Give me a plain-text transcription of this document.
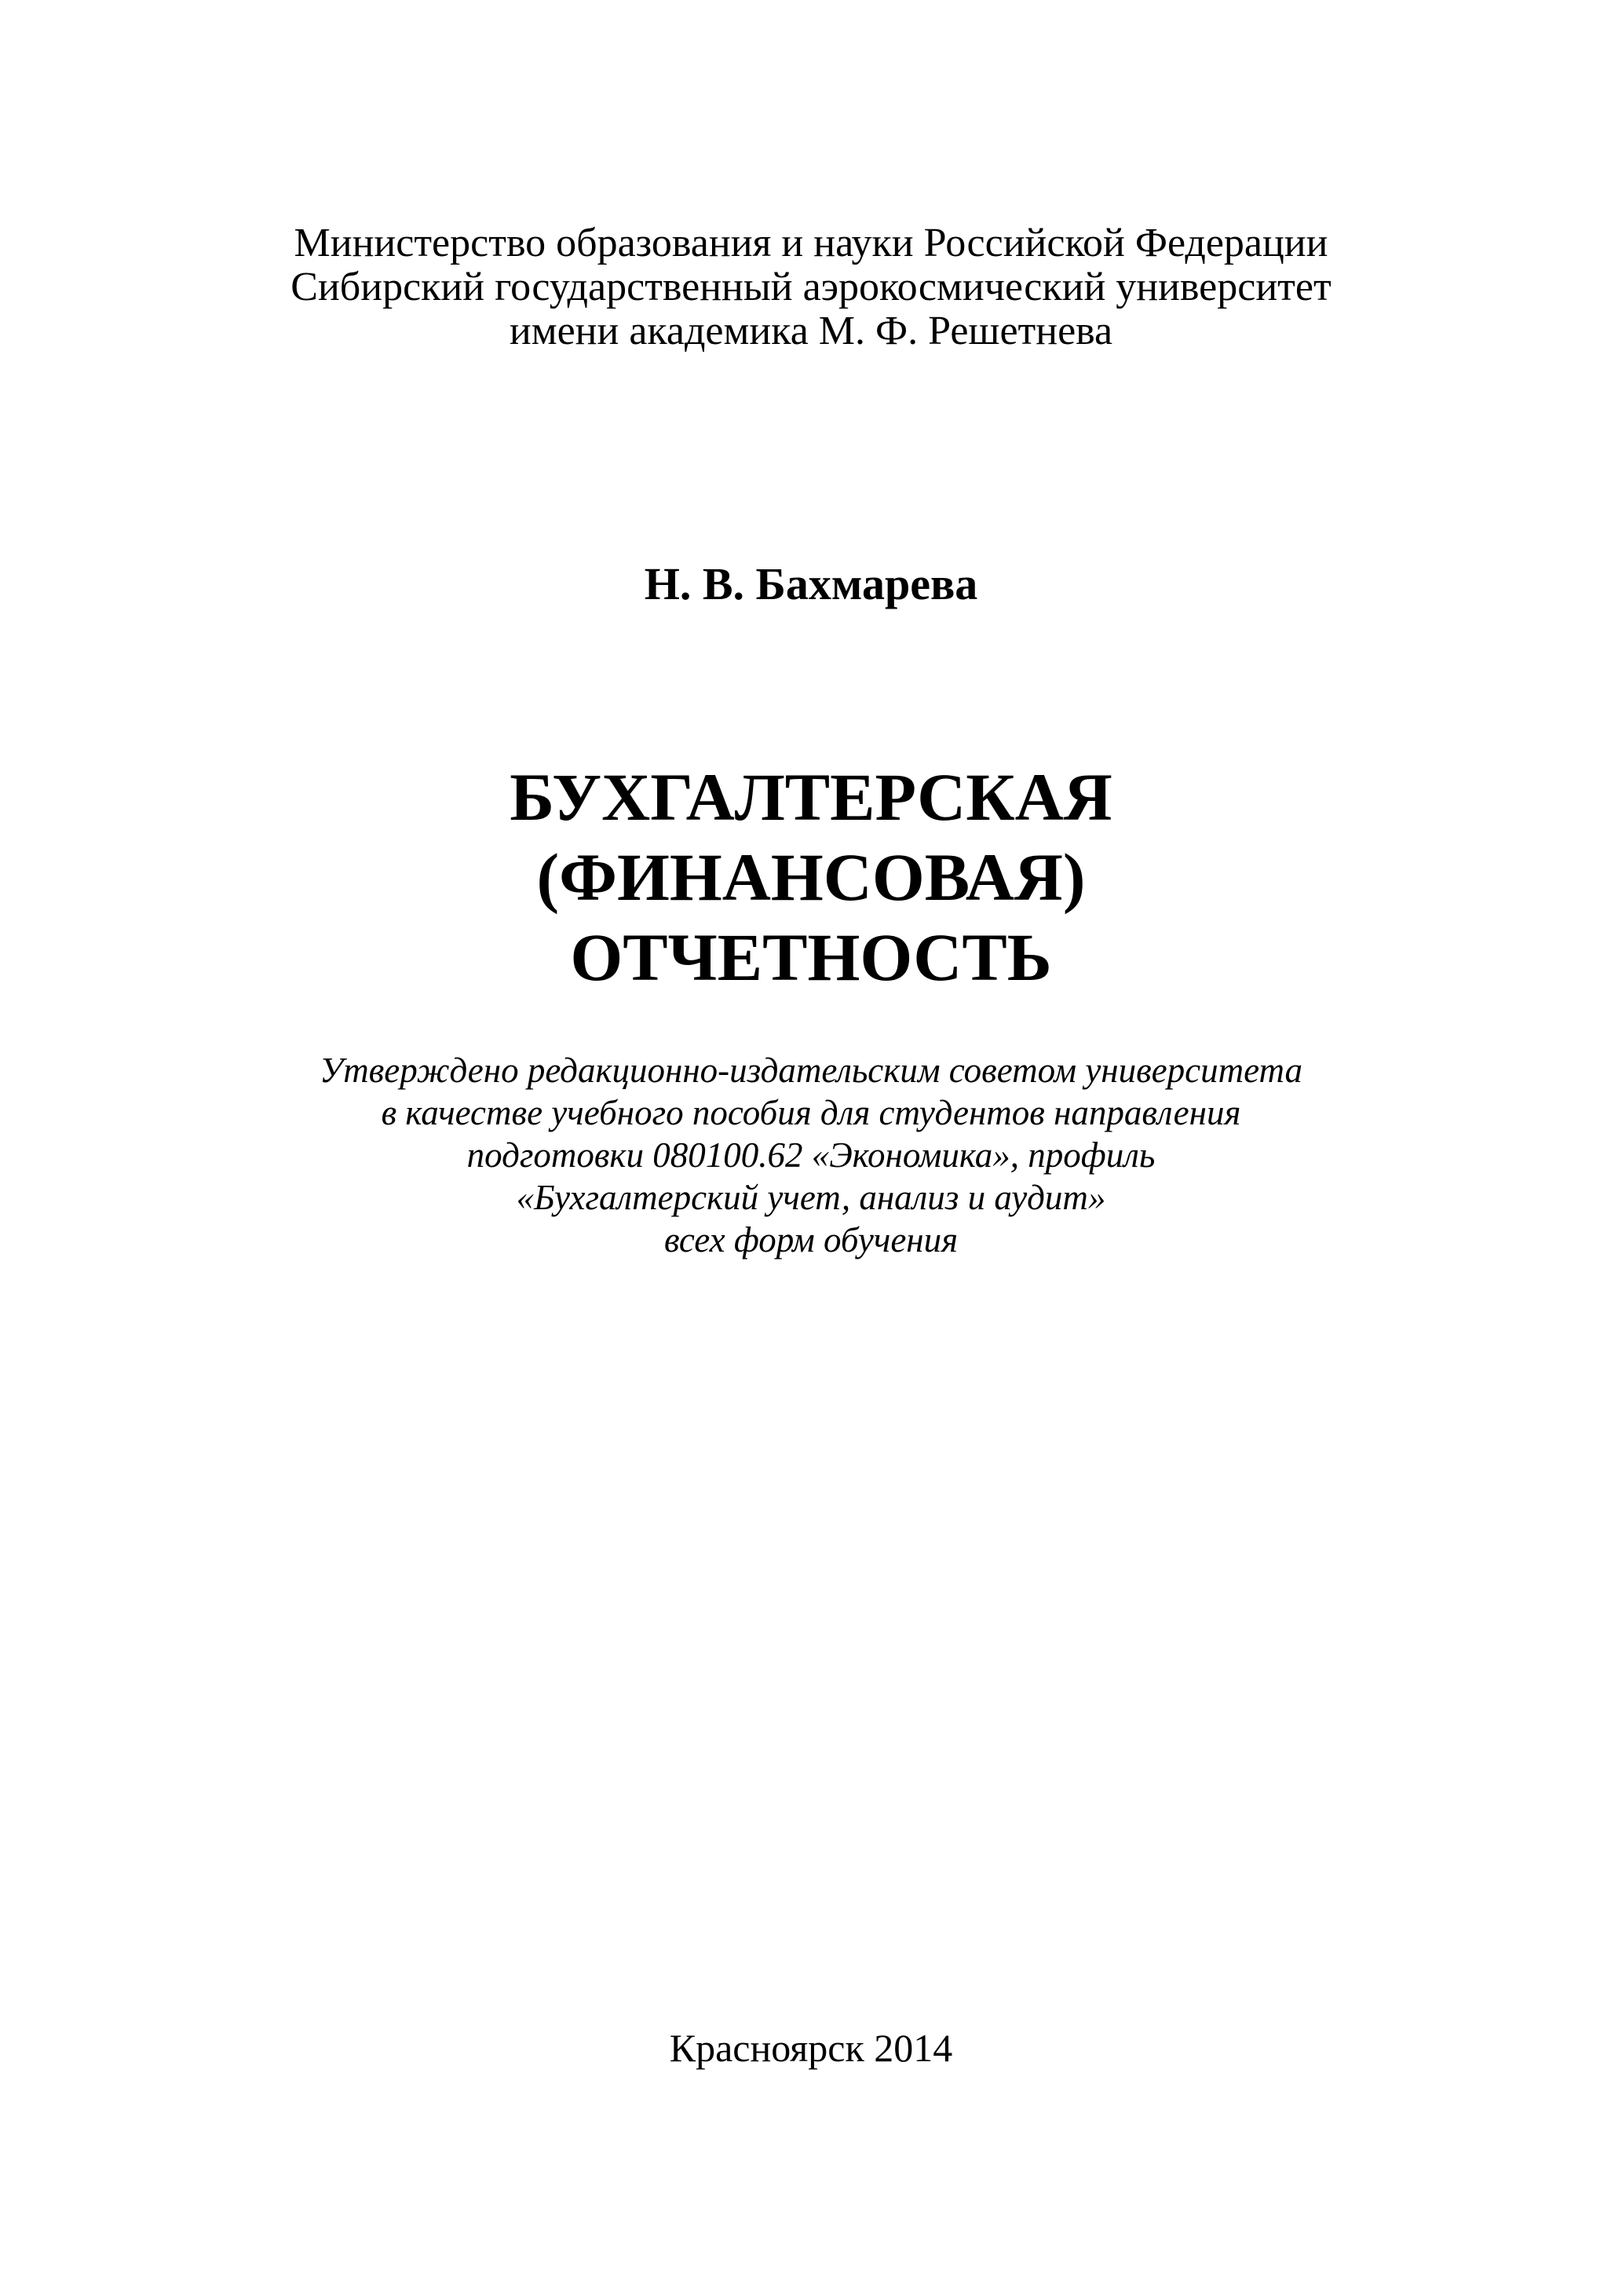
Министерство образования и науки Российской Федерации
Сибирский государственный аэрокосмический университет
имени академика М. Ф. Решетнева
Н. В. Бахмарева
БУХГАЛТЕРСКАЯ
(ФИНАНСОВАЯ)
ОТЧЕТНОСТЬ
Утверждено редакционно-издательским советом университета
в качестве учебного пособия для студентов направления
подготовки 080100.62 «Экономика», профиль
«Бухгалтерский учет, анализ и аудит»
всех форм обучения
Красноярск 2014
